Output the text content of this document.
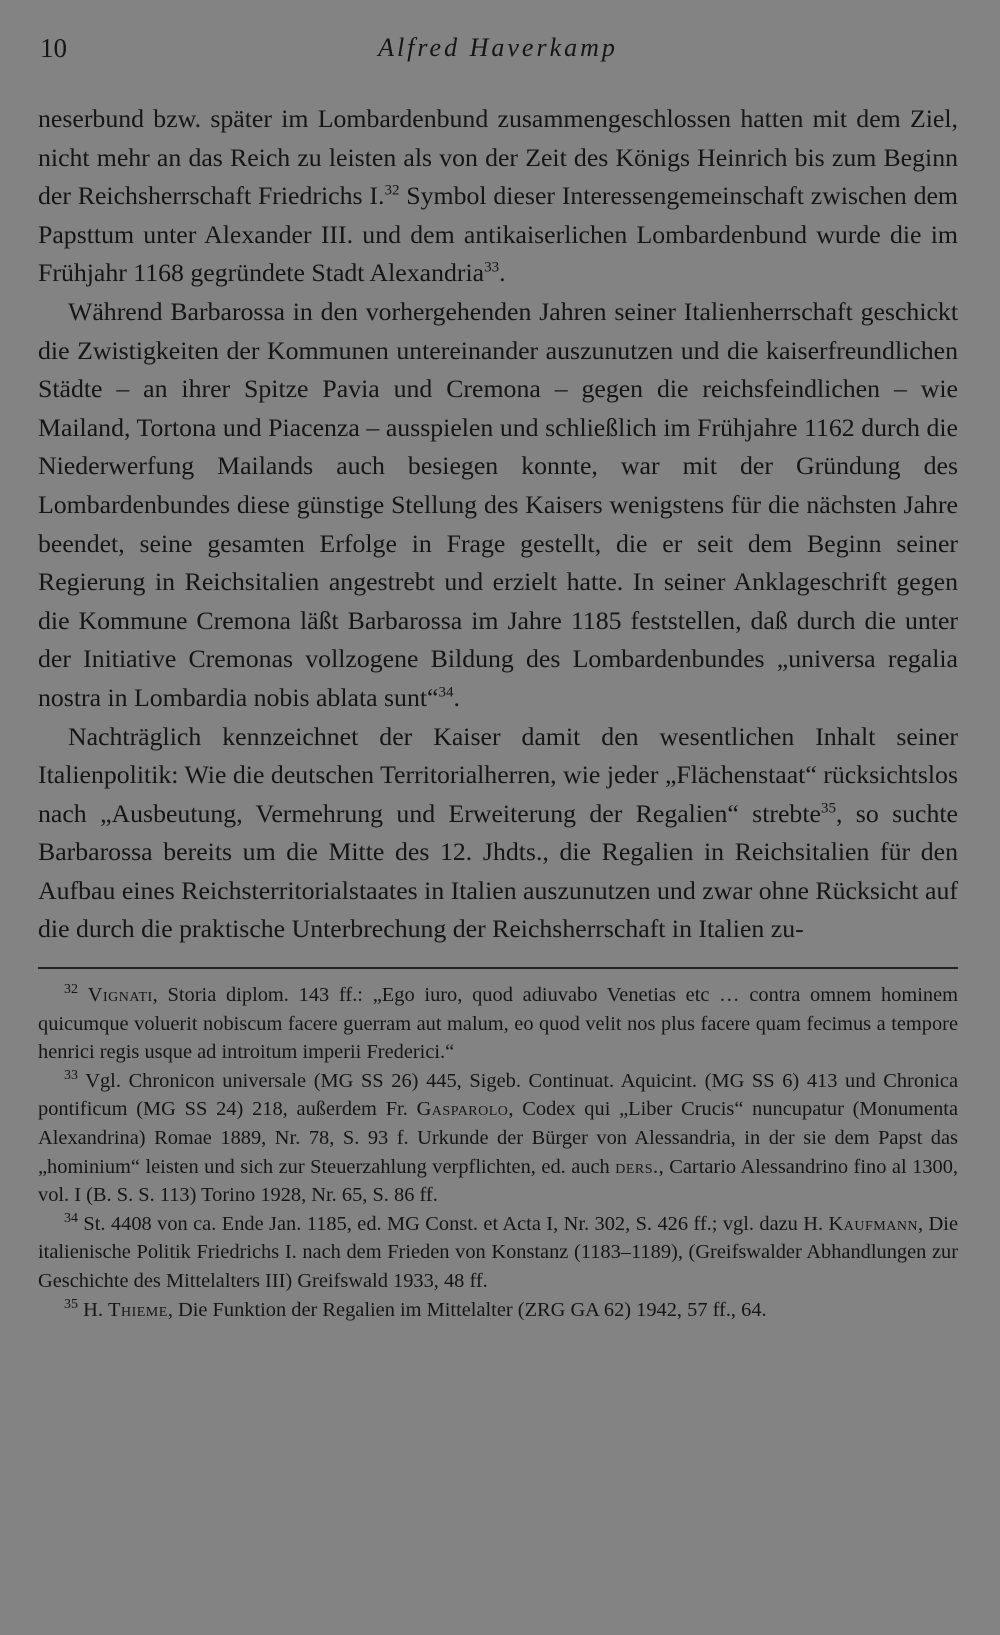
10	Alfred Haverkamp

neserbund bzw. später im Lombardenbund zusammengeschlossen hatten mit dem Ziel, nicht mehr an das Reich zu leisten als von der Zeit des Königs Heinrich bis zum Beginn der Reichsherrschaft Friedrichs I.$^{32}$ Symbol dieser Interessengemeinschaft zwischen dem Papsttum unter Alexander III. und dem antikaiserlichen Lombardenbund wurde die im Frühjahr 1168 gegründete Stadt Alexandria$^{33}$.

Während Barbarossa in den vorhergehenden Jahren seiner Italienherrschaft geschickt die Zwistigkeiten der Kommunen untereinander auszunutzen und die kaiserfreundlichen Städte – an ihrer Spitze Pavia und Cremona – gegen die reichsfeindlichen – wie Mailand, Tortona und Piacenza – ausspielen und schließlich im Frühjahre 1162 durch die Niederwerfung Mailands auch besiegen konnte, war mit der Gründung des Lombardenbundes diese günstige Stellung des Kaisers wenigstens für die nächsten Jahre beendet, seine gesamten Erfolge in Frage gestellt, die er seit dem Beginn seiner Regierung in Reichsitalien angestrebt und erzielt hatte. In seiner Anklageschrift gegen die Kommune Cremona läßt Barbarossa im Jahre 1185 feststellen, daß durch die unter der Initiative Cremonas vollzogene Bildung des Lombardenbundes „universa regalia nostra in Lombardia nobis ablata sunt“$^{34}$.

Nachträglich kennzeichnet der Kaiser damit den wesentlichen Inhalt seiner Italienpolitik: Wie die deutschen Territorialherren, wie jeder „Flächenstaat“ rücksichtslos nach „Ausbeutung, Vermehrung und Erweiterung der Regalien“ strebte$^{35}$, so suchte Barbarossa bereits um die Mitte des 12. Jhdts., die Regalien in Reichsitalien für den Aufbau eines Reichsterritorialstaates in Italien auszunutzen und zwar ohne Rücksicht auf die durch die praktische Unterbrechung der Reichsherrschaft in Italien zu-

$^{32}$ Vignati, Storia diplom. 143 ff.: „Ego iuro, quod adiuvabo Venetias etc … contra omnem hominem quicumque voluerit nobiscum facere guerram aut malum, eo quod velit nos plus facere quam fecimus a tempore henrici regis usque ad introitum imperii Frederici.“

$^{33}$ Vgl. Chronicon universale (MG SS 26) 445, Sigeb. Continuat. Aquicint. (MG SS 6) 413 und Chronica pontificum (MG SS 24) 218, außerdem Fr. Gasparolo, Codex qui „Liber Crucis“ nuncupatur (Monumenta Alexandrina) Romae 1889, Nr. 78, S. 93 f. Urkunde der Bürger von Alessandria, in der sie dem Papst das „hominium“ leisten und sich zur Steuerzahlung verpflichten, ed. auch ders., Cartario Alessandrino fino al 1300, vol. I (B. S. S. 113) Torino 1928, Nr. 65, S. 86 ff.

$^{34}$ St. 4408 von ca. Ende Jan. 1185, ed. MG Const. et Acta I, Nr. 302, S. 426 ff.; vgl. dazu H. Kaufmann, Die italienische Politik Friedrichs I. nach dem Frieden von Konstanz (1183–1189), (Greifswalder Abhandlungen zur Geschichte des Mittelalters III) Greifswald 1933, 48 ff.

$^{35}$ H. Thieme, Die Funktion der Regalien im Mittelalter (ZRG GA 62) 1942, 57 ff., 64.
